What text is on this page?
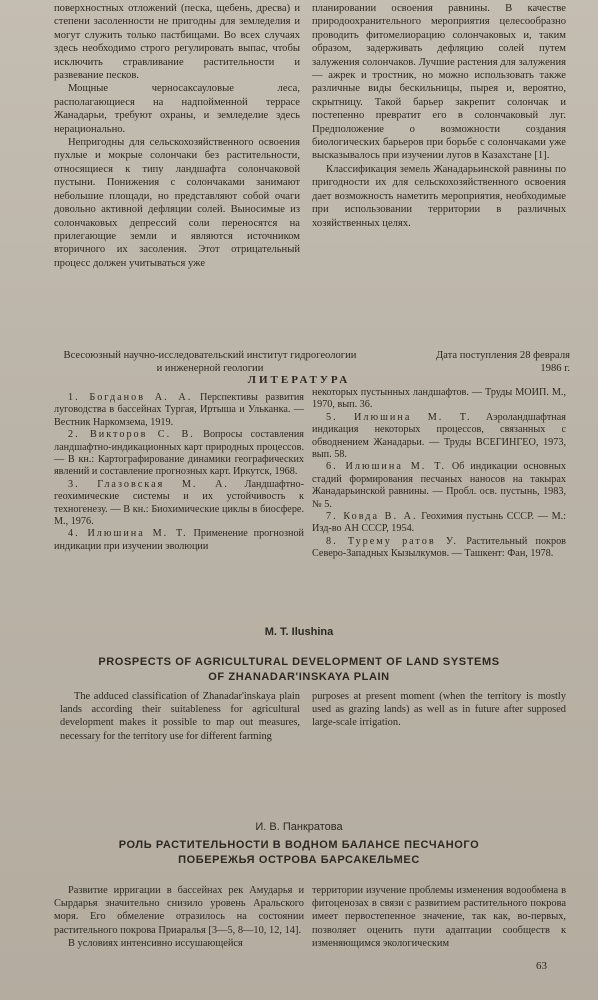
поверхностных отложений (песка, щебень, дресва) и степени засоленности не пригодны для земледелия и могут служить только пастбищами. Во всех случаях здесь необходимо строго регулировать выпас, чтобы исключить стравливание растительности и развевание песков.

Мощные черносаксауловые леса, располагающиеся на надпойменной террасе Жанадарьи, требуют охраны, и земледелие здесь нерационально.

Непригодны для сельскохозяйственного освоения пухлые и мокрые солончаки без растительности, относящиеся к типу ландшафта солончаковой пустыни. Понижения с солончаками занимают небольшие площади, но представляют собой очаги довольно активной дефляции солей. Выносимые из солончаковых депрессий соли переносятся на прилегающие земли и являются источником вторичного их засоления. Этот отрицательный процесс должен учитываться уже

планировании освоения равнины. В качестве природоохранительного мероприятия целесообразно проводить фитомелиорацию солончаковых и, таким образом, задерживать дефляцию солей путем залужения солончаков. Лучшие растения для залужения — ажрек и тростник, но можно использовать также различные виды бескильницы, пырея и, вероятно, скрытницу. Такой барьер закрепит солончак и постепенно превратит его в солончаковый луг. Предположение о возможности создания биологических барьеров при борьбе с солончаками уже высказывалось при изучении лугов в Казахстане [1].

Классификация земель Жанадарьинской равнины по пригодности их для сельскохозяйственного освоения дает возможность наметить мероприятия, необходимые при использовании территории в различных хозяйственных целях.

Всесоюзный научно-исследовательский институт гидрогеологии и инженерной геологии
Дата поступления 28 февраля 1986 г.
ЛИТЕРАТУРА

1. Богданов А. А. Перспективы развития луговодства в бассейнах Тургая, Иртыша и Ульканка. — Вестник Наркомзема, 1919.

2. Викторов С. В. Вопросы составления ландшафтно-индикационных карт природных процессов. — В кн.: Картографирование динамики географических явлений и составление прогнозных карт. Иркутск, 1968.

3. Глазовская М. А. Ландшафтно-геохимические системы и их устойчивость к техногенезу. — В кн.: Биохимические циклы в биосфере. М., 1976.

4. Илюшина М. Т. Применение прогнозной индикации при изучении эволюции

некоторых пустынных ландшафтов. — Труды МОИП. М., 1970, вып. 36.

5. Илюшина М. Т. Аэроландшафтная индикация некоторых процессов, связанных с обводнением Жанадарьи. — Труды ВСЕГИНГЕО, 1973, вып. 58.

6. Илюшина М. Т. Об индикации основных стадий формирования песчаных наносов на такырах Жанадарьинской равнины. — Пробл. осв. пустынь, 1983, № 5.

7. Ковда В. А. Геохимия пустынь СССР. — М.: Изд-во АН СССР, 1954.

8. Турему ратов У. Растительный покров Северо-Западных Кызылкумов. — Ташкент: Фан, 1978.

M. T. Ilushina
PROSPECTS OF AGRICULTURAL DEVELOPMENT OF LAND SYSTEMS
OF ZHANADAR'INSKAYA PLAIN

The adduced classification of Zhanadar'inskaya plain lands according their suitableness for agricultural development makes it possible to map out measures, necessary for the territory use for different farming

purposes at present moment (when the territory is mostly used as grazing lands) as well as in future after supposed large-scale irrigation.

И. В. Панкратова
РОЛЬ РАСТИТЕЛЬНОСТИ В ВОДНОМ БАЛАНСЕ ПЕСЧАНОГО
ПОБЕРЕЖЬЯ ОСТРОВА БАРСАКЕЛЬМЕС

Развитие ирригации в бассейнах рек Амударья и Сырдарья значительно снизило уровень Аральского моря. Его обмеление отразилось на состоянии растительного покрова Приаралья [3—5, 8—10, 12, 14].

В условиях интенсивно иссушающейся

территории изучение проблемы изменения водообмена в фитоценозах в связи с развитием растительного покрова имеет первостепенное значение, так как, во-первых, позволяет оценить пути адаптации сообществ к изменяющимся экологическим

63
